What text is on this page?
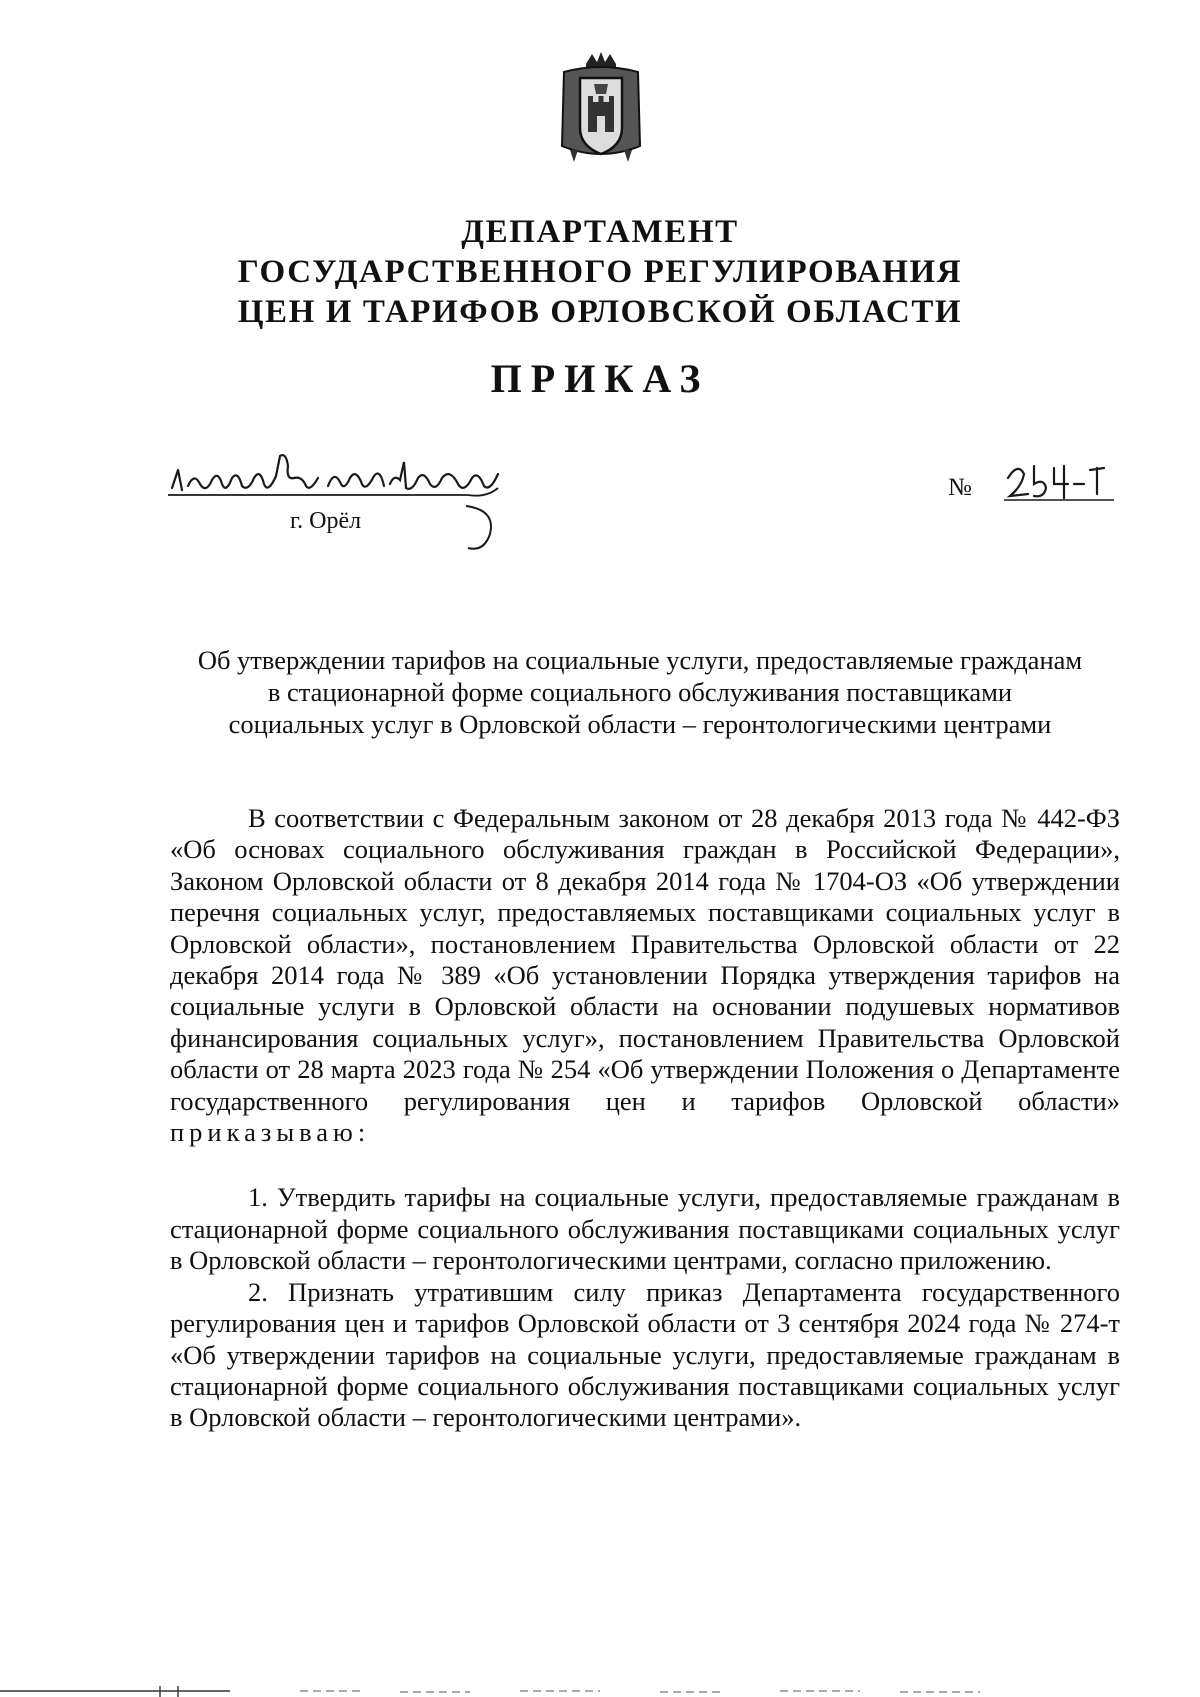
ДЕПАРТАМЕНТ
ГОСУДАРСТВЕННОГО РЕГУЛИРОВАНИЯ
ЦЕН И ТАРИФОВ ОРЛОВСКОЙ ОБЛАСТИ
ПРИКАЗ
г. Орёл
№
Об утверждении тарифов на социальные услуги, предоставляемые гражданам
в стационарной форме социального обслуживания поставщиками
социальных услуг в Орловской области – геронтологическими центрами

В соответствии с Федеральным законом от 28 декабря 2013 года № 442-ФЗ «Об основах социального обслуживания граждан в Российской Федерации», Законом Орловской области от 8 декабря 2014 года № 1704-ОЗ «Об утверждении перечня социальных услуг, предоставляемых поставщиками социальных услуг в Орловской области», постановлением Правительства Орловской области от 22 декабря 2014 года № 389 «Об установлении Порядка утверждения тарифов на социальные услуги в Орловской области на основании подушевых нормативов финансирования социальных услуг», постановлением Правительства Орловской области от 28 марта 2023 года № 254 «Об утверждении Положения о Департаменте государственного регулирования цен и тарифов Орловской области» приказываю:

1. Утвердить тарифы на социальные услуги, предоставляемые гражданам в стационарной форме социального обслуживания поставщиками социальных услуг в Орловской области – геронтологическими центрами, согласно приложению.

2. Признать утратившим силу приказ Департамента государственного регулирования цен и тарифов Орловской области от 3 сентября 2024 года № 274-т «Об утверждении тарифов на социальные услуги, предоставляемые гражданам в стационарной форме социального обслуживания поставщиками социальных услуг в Орловской области – геронтологическими центрами».
